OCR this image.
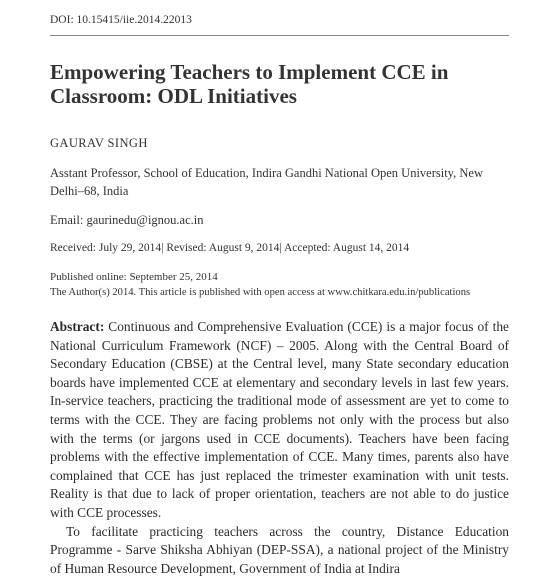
DOI: 10.15415/iie.2014.22013
Empowering Teachers to Implement CCE in Classroom: ODL Initiatives
GAURAV SINGH
Asstant Professor, School of Education, Indira Gandhi National Open University, New Delhi–68, India
Email: gaurinedu@ignou.ac.in
Received: July 29, 2014| Revised: August 9, 2014| Accepted: August 14, 2014
Published online: September 25, 2014
The Author(s) 2014. This article is published with open access at www.chitkara.edu.in/publications

Abstract: Continuous and Comprehensive Evaluation (CCE) is a major focus of the National Curriculum Framework (NCF) – 2005. Along with the Central Board of Secondary Education (CBSE) at the Central level, many State secondary education boards have implemented CCE at elementary and secondary levels in last few years. In-service teachers, practicing the traditional mode of assessment are yet to come to terms with the CCE. They are facing problems not only with the process but also with the terms (or jargons used in CCE documents). Teachers have been facing problems with the effective implementation of CCE. Many times, parents also have complained that CCE has just replaced the trimester examination with unit tests. Reality is that due to lack of proper orientation, teachers are not able to do justice with CCE processes.

To facilitate practicing teachers across the country, Distance Education Programme - Sarve Shiksha Abhiyan (DEP-SSA), a national project of the Ministry of Human Resource Development, Government of India at Indira
